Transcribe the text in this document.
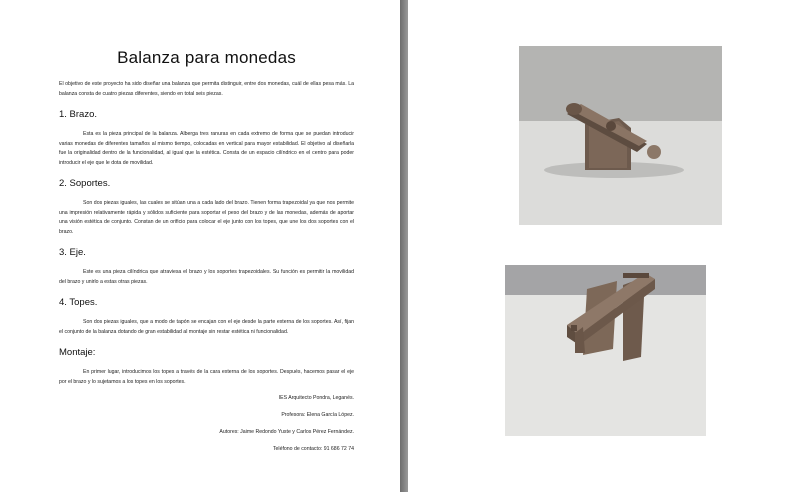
Balanza para monedas

El objetivo de este proyecto ha sido diseñar una balanza que permita distinguir, entre dos monedas, cuál de ellas pesa más. La balanza consta de cuatro piezas diferentes, siendo en total seis piezas.

1. Brazo.

Esta es la pieza principal de la balanza. Alberga tres ranuras en cada extremo de forma que se puedan introducir varias monedas de diferentes tamaños al mismo tiempo, colocadas en vertical para mayor estabilidad. El objetivo al diseñarla fue la originalidad dentro de la funcionalidad, al igual que la estética. Consta de un espacio cilíndrico en el centro para poder introducir el eje que le dota de movilidad.

2. Soportes.

Son dos piezas iguales, las cuales se sitúan una a cada lado del brazo. Tienen forma trapezoidal ya que nos permite una impresión relativamente rápida y sólidos suficiente para soportar el peso del brazo y de las monedas, además de aportar una visión estética de conjunto. Constan de un orificio para colocar el eje junto con los topes, que une los dos soportes con el brazo.

3. Eje.

Este es una pieza cilíndrica que atraviesa el brazo y los soportes trapezoidales. Su función es permitir la movilidad del brazo y unirlo a estas otras piezas.

4. Topes.

Son dos piezas iguales, que a modo de tapón se encajan con el eje desde la parte externa de los soportes. Así, fijan el conjunto de la balanza dotando de gran estabilidad al montaje sin restar estética ni funcionalidad.

Montaje:

En primer lugar, introducimos los topes a través de la cara externa de los soportes. Después, hacemos pasar el eje por el brazo y lo sujetamos a los topes en los soportes.

IES Arquitecto Pondra, Leganés.

Profesora: Elena García López.

Autores: Jaime Redondo Yuste y Carlos Pérez Fernández.

Teléfono de contacto: 91 686 72 74
